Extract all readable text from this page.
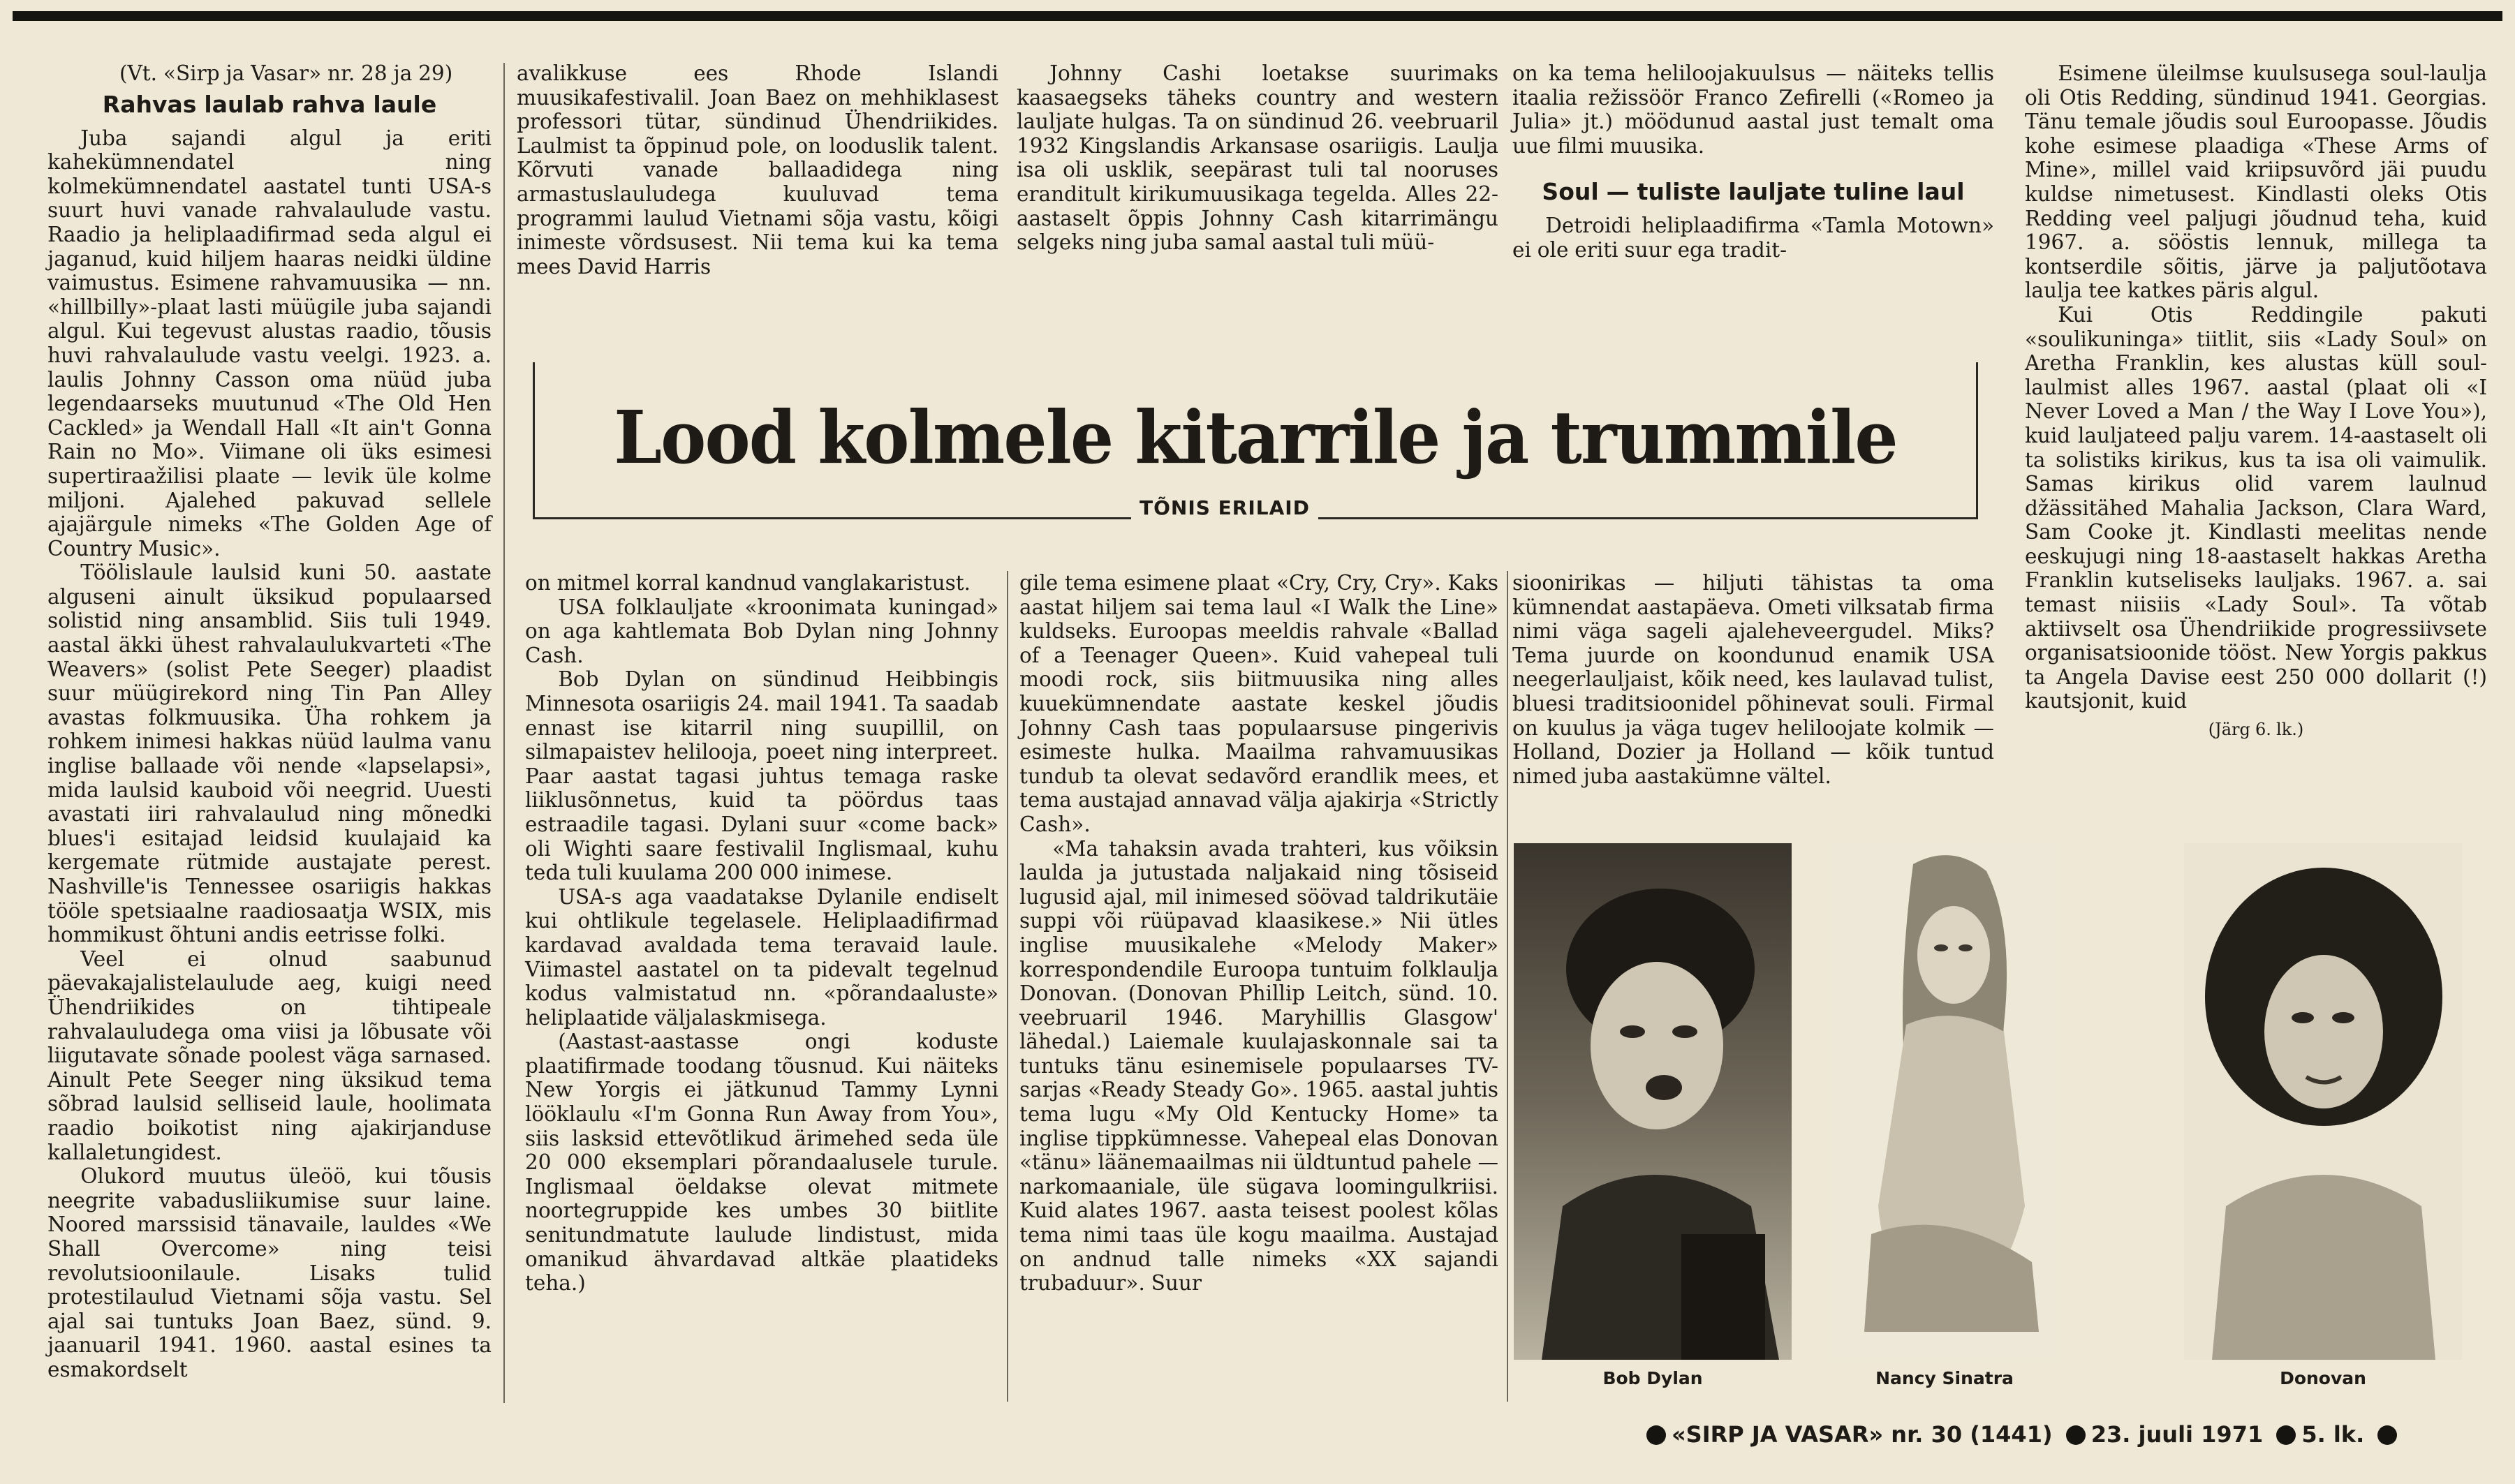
(Vt. «Sirp ja Vasar» nr. 28 ja 29)

Rahvas laulab rahva laule

Juba sajandi algul ja eriti kahekümnendatel ning kolmekümnendatel aastatel tunti USA-s suurt huvi vanade rahvalaulude vastu. Raadio ja heliplaadifirmad seda algul ei jaganud, kuid hiljem haaras neidki üldine vaimustus. Esimene rahvamuusika — nn. «hillbilly»-plaat lasti müügile juba sajandi algul. Kui tegevust alustas raadio, tõusis huvi rahvalaulude vastu veelgi. 1923. a. laulis Johnny Casson oma nüüd juba legendaarseks muutunud «The Old Hen Cackled» ja Wendall Hall «It ain't Gonna Rain no Mo». Viimane oli üks esimesi supertiraažilisi plaate — levik üle kolme miljoni. Ajalehed pakuvad sellele ajajärgule nimeks «The Golden Age of Country Music».

Töölislaule laulsid kuni 50. aastate alguseni ainult üksikud populaarsed solistid ning ansamblid. Siis tuli 1949. aastal äkki ühest rahvalaulukvarteti «The Weavers» (solist Pete Seeger) plaadist suur müügirekord ning Tin Pan Alley avastas folkmuusika. Üha rohkem ja rohkem inimesi hakkas nüüd laulma vanu inglise ballaade või nende «lapselapsi», mida laulsid kauboid või neegrid. Uuesti avastati iiri rahvalaulud ning mõnedki blues'i esitajad leidsid kuulajaid ka kergemate rütmide austajate perest. Nashville'is Tennessee osariigis hakkas tööle spetsiaalne raadiosaatja WSIX, mis hommikust õhtuni andis eetrisse folki.

Veel ei olnud saabunud päevakajalistelaulude aeg, kuigi need Ühendriikides on tihtipeale rahvalauludega oma viisi ja lõbusate või liigutavate sõnade poolest väga sarnased. Ainult Pete Seeger ning üksikud tema sõbrad laulsid selliseid laule, hoolimata raadio boikotist ning ajakirjanduse kallaletungidest.

Olukord muutus üleöö, kui tõusis neegrite vabadusliikumise suur laine. Noored marssisid tänavaile, lauldes «We Shall Overcome» ning teisi revolutsioonilaule. Lisaks tulid protestilaulud Vietnami sõja vastu. Sel ajal sai tuntuks Joan Baez, sünd. 9. jaanuaril 1941. 1960. aastal esines ta esmakordselt

avalikkuse ees Rhode Islandi muusikafestivalil. Joan Baez on mehhiklasest professori tütar, sündinud Ühendriikides. Laulmist ta õppinud pole, on looduslik talent. Kõrvuti vanade ballaadidega ning armastuslauludega kuuluvad tema programmi laulud Vietnami sõja vastu, kõigi inimeste võrdsusest. Nii tema kui ka tema mees David Harris

Johnny Cashi loetakse suurimaks kaasaegseks täheks country and western lauljate hulgas. Ta on sündinud 26. veebruaril 1932 Kingslandis Arkansase osariigis. Laulja isa oli usklik, seepärast tuli tal nooruses eranditult kirikumuusikaga tegelda. Alles 22-aastaselt õppis Johnny Cash kitarrimängu selgeks ning juba samal aastal tuli müü-

on ka tema heliloojakuulsus — näiteks tellis itaalia režissöör Franco Zefirelli («Romeo ja Julia» jt.) möödunud aastal just temalt oma uue filmi muusika.

Soul — tuliste lauljate tuline laul

Detroidi heliplaadifirma «Tamla Motown» ei ole eriti suur ega tradit-

Lood kolmele kitarrile ja trummile
TÕNIS ERILAID

on mitmel korral kandnud vanglakaristust.

USA folklauljate «kroonimata kuningad» on aga kahtlemata Bob Dylan ning Johnny Cash.

Bob Dylan on sündinud Heibbingis Minnesota osariigis 24. mail 1941. Ta saadab ennast ise kitarril ning suupillil, on silmapaistev helilooja, poeet ning interpreet. Paar aastat tagasi juhtus temaga raske liiklusõnnetus, kuid ta pöördus taas estraadile tagasi. Dylani suur «come back» oli Wighti saare festivalil Inglismaal, kuhu teda tuli kuulama 200 000 inimese.

USA-s aga vaadatakse Dylanile endiselt kui ohtlikule tegelasele. Heliplaadifirmad kardavad avaldada tema teravaid laule. Viimastel aastatel on ta pidevalt tegelnud kodus valmistatud nn. «põrandaaluste» heliplaatide väljalaskmisega.

(Aastast-aastasse ongi koduste plaatifirmade toodang tõusnud. Kui näiteks New Yorgis ei jätkunud Tammy Lynni lööklaulu «I'm Gonna Run Away from You», siis lasksid ettevõtlikud ärimehed seda üle 20 000 eksemplari põrandaalusele turule. Inglismaal öeldakse olevat mitmete noortegruppide kes umbes 30 biitlite senitundmatute laulude lindistust, mida omanikud ähvardavad altkäe plaatideks teha.)

gile tema esimene plaat «Cry, Cry, Cry». Kaks aastat hiljem sai tema laul «I Walk the Line» kuldseks. Euroopas meeldis rahvale «Ballad of a Teenager Queen». Kuid vahepeal tuli moodi rock, siis biitmuusika ning alles kuuekümnendate aastate keskel jõudis Johnny Cash taas populaarsuse pingerivis esimeste hulka. Maailma rahvamuusikas tundub ta olevat sedavõrd erandlik mees, et tema austajad annavad välja ajakirja «Strictly Cash».

«Ma tahaksin avada trahteri, kus võiksin laulda ja jutustada naljakaid ning tõsiseid lugusid ajal, mil inimesed söövad taldrikutäie suppi või rüüpavad klaasikese.» Nii ütles inglise muusikalehe «Melody Maker» korrespondendile Euroopa tuntuim folklaulja Donovan. (Donovan Phillip Leitch, sünd. 10. veebruaril 1946. Maryhillis Glasgow' lähedal.) Laiemale kuulajaskonnale sai ta tuntuks tänu esinemisele populaarses TV-sarjas «Ready Steady Go». 1965. aastal juhtis tema lugu «My Old Kentucky Home» ta inglise tippkümnesse. Vahepeal elas Donovan «tänu» läänemaailmas nii üldtuntud pahele — narkomaaniale, üle sügava loomingulkriisi. Kuid alates 1967. aasta teisest poolest kõlas tema nimi taas üle kogu maailma. Austajad on andnud talle nimeks «XX sajandi trubaduur». Suur

sioonirikas — hiljuti tähistas ta oma kümnendat aastapäeva. Ometi vilksatab firma nimi väga sageli ajaleheveergudel. Miks? Tema juurde on koondunud enamik USA neegerlauljaist, kõik need, kes laulavad tulist, bluesi traditsioonidel põhinevat souli. Firmal on kuulus ja väga tugev heliloojate kolmik — Holland, Dozier ja Holland — kõik tuntud nimed juba aastakümne vältel.

Esimene üleilmse kuulsusega soul-laulja oli Otis Redding, sündinud 1941. Georgias. Tänu temale jõudis soul Euroopasse. Jõudis kohe esimese plaadiga «These Arms of Mine», millel vaid kriipsuvõrd jäi puudu kuldse nimetusest. Kindlasti oleks Otis Redding veel paljugi jõudnud teha, kuid 1967. a. sööstis lennuk, millega ta kontserdile sõitis, järve ja paljutõotava laulja tee katkes päris algul.

Kui Otis Reddingile pakuti «soulikuninga» tiitlit, siis «Lady Soul» on Aretha Franklin, kes alustas küll soul-laulmist alles 1967. aastal (plaat oli «I Never Loved a Man / the Way I Love You»), kuid lauljateed palju varem. 14-aastaselt oli ta solistiks kirikus, kus ta isa oli vaimulik. Samas kirikus olid varem laulnud džässitähed Mahalia Jackson, Clara Ward, Sam Cooke jt. Kindlasti meelitas nende eeskujugi ning 18-aastaselt hakkas Aretha Franklin kutseliseks lauljaks. 1967. a. sai temast niisiis «Lady Soul». Ta võtab aktiivselt osa Ühendriikide progressiivsete organisatsioonide tööst. New Yorgis pakkus ta Angela Davise eest 250 000 dollarit (!) kautsjonit, kuid

(Järg 6. lk.)

Bob Dylan	Nancy Sinatra	Donovan
«SIRP JA VASAR» nr. 30 (1441) 23. juuli 1971 5. lk.
